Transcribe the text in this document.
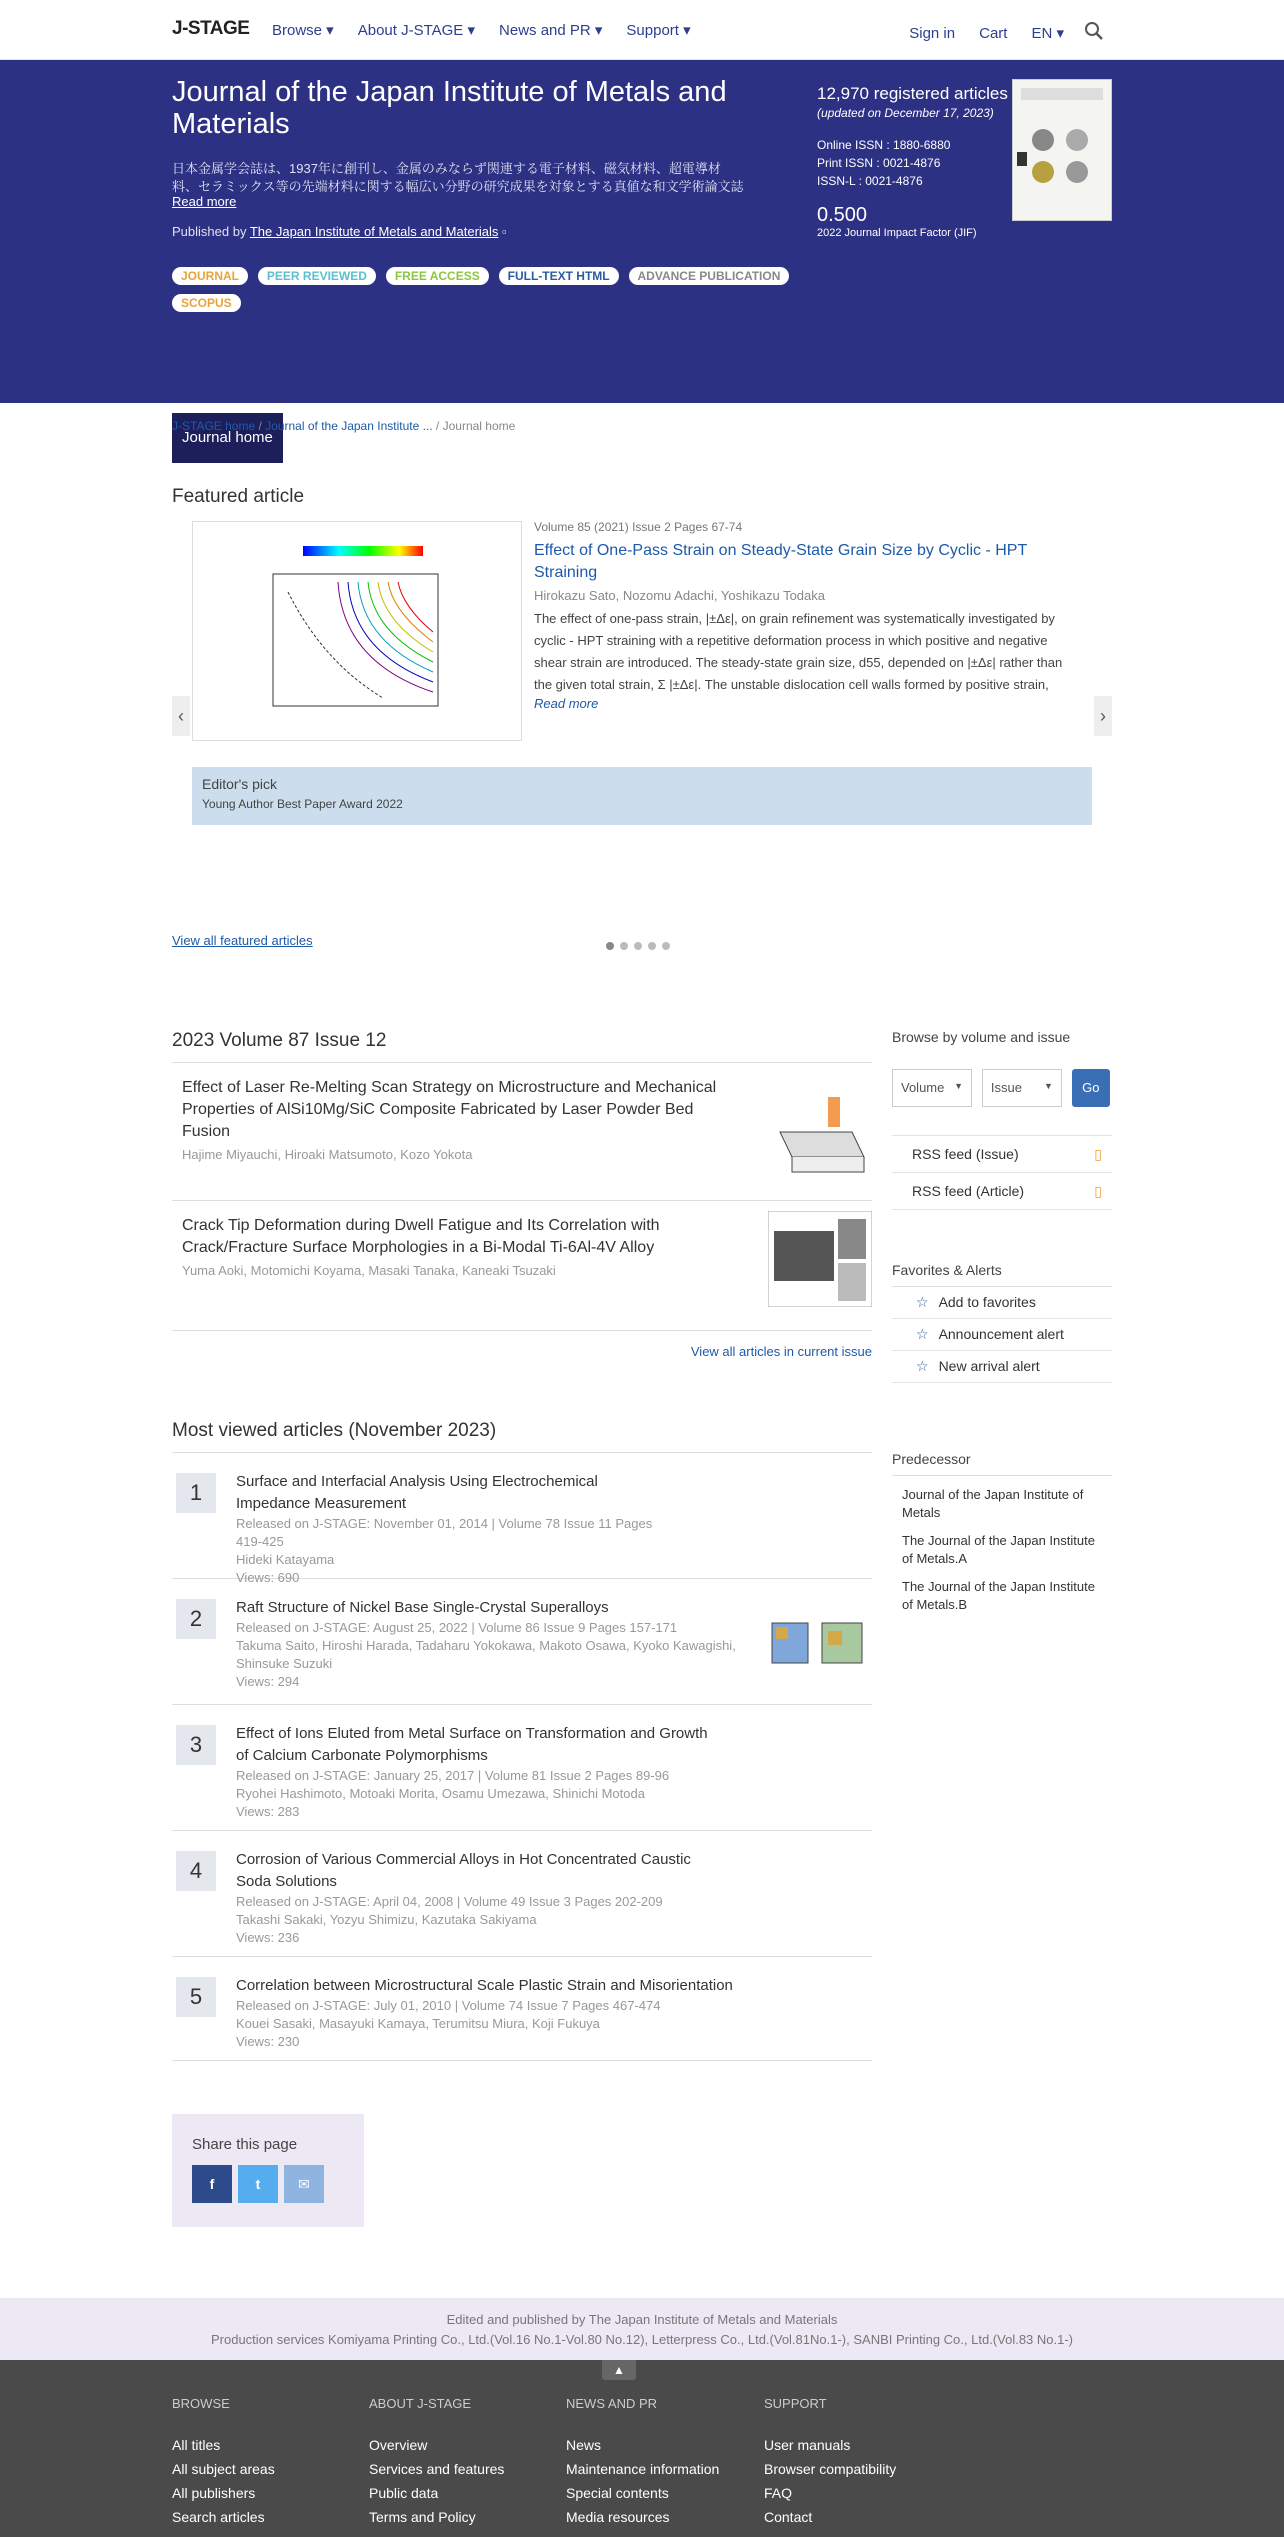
J-STAGE Browse ▾ About J-STAGE ▾ News and PR ▾ Support ▾	Sign in Cart EN ▾
Journal of the Japan Institute of Metals and Materials
日本金属学会誌は、1937年に創刊し、金属のみならず関連する電子材料、磁気材料、超電導材料、セラミックス等の先端材料に関する幅広い分野の研究成果を対象とする真値な和文学術論文誌
Read more
Published by The Japan Institute of Metals and Materials ▫
JOURNAL PEER REVIEWED FREE ACCESS FULL-TEXT HTML ADVANCE PUBLICATION SCOPUS
12,970 registered articles
(updated on December 17, 2023)
Online ISSN : 1880-6880
Print ISSN : 0021-4876
ISSN-L : 0021-4876
0.500
2022 Journal Impact Factor (JIF)
Journal home	Advance online publication	All issues	Featured articles	About the journal
J-STAGE home / Journal of the Japan Institute ... / Journal home
Featured article
‹	›
Volume 85 (2021) Issue 2 Pages 67-74
Effect of One-Pass Strain on Steady-State Grain Size by Cyclic - HPT Straining
Hirokazu Sato, Nozomu Adachi, Yoshikazu Todaka
The effect of one-pass strain, |±Δε|, on grain refinement was systematically investigated by cyclic - HPT straining with a repetitive deformation process in which positive and negative shear strain are introduced. The steady-state grain size, d55, depended on |±Δε| rather than the given total strain, Σ |±Δε|. The unstable dislocation cell walls formed by positive strain,
Read more
Editor's pick
Young Author Best Paper Award 2022
View all featured articles
2023 Volume 87 Issue 12
Effect of Laser Re-Melting Scan Strategy on Microstructure and Mechanical Properties of AlSi10Mg/SiC Composite Fabricated by Laser Powder Bed Fusion
Hajime Miyauchi, Hiroaki Matsumoto, Kozo Yokota
Crack Tip Deformation during Dwell Fatigue and Its Correlation with Crack/Fracture Surface Morphologies in a Bi-Modal Ti-6Al-4V Alloy
Yuma Aoki, Motomichi Koyama, Masaki Tanaka, Kaneaki Tsuzaki
View all articles in current issue
Browse by volume and issue
Volume ▼ Issue ▼ Go
RSS feed (Issue)	▯
RSS feed (Article)	▯
Favorites & Alerts
☆ Add to favorites
☆ Announcement alert
☆ New arrival alert
Predecessor
Journal of the Japan Institute of Metals
The Journal of the Japan Institute of Metals.A
The Journal of the Japan Institute of Metals.B
Most viewed articles (November 2023)
1	Surface and Interfacial Analysis Using Electrochemical Impedance Measurement
Released on J-STAGE: November 01, 2014 | Volume 78 Issue 11 Pages 419-425
Hideki Katayama
Views: 690
2	Raft Structure of Nickel Base Single-Crystal Superalloys
Released on J-STAGE: August 25, 2022 | Volume 86 Issue 9 Pages 157-171
Takuma Saito, Hiroshi Harada, Tadaharu Yokokawa, Makoto Osawa, Kyoko Kawagishi, Shinsuke Suzuki
Views: 294
3	Effect of Ions Eluted from Metal Surface on Transformation and Growth of Calcium Carbonate Polymorphisms
Released on J-STAGE: January 25, 2017 | Volume 81 Issue 2 Pages 89-96
Ryohei Hashimoto, Motoaki Morita, Osamu Umezawa, Shinichi Motoda
Views: 283
4	Corrosion of Various Commercial Alloys in Hot Concentrated Caustic Soda Solutions
Released on J-STAGE: April 04, 2008 | Volume 49 Issue 3 Pages 202-209
Takashi Sakaki, Yozyu Shimizu, Kazutaka Sakiyama
Views: 236
5	Correlation between Microstructural Scale Plastic Strain and Misorientation
Released on J-STAGE: July 01, 2010 | Volume 74 Issue 7 Pages 467-474
Kouei Sasaki, Masayuki Kamaya, Terumitsu Miura, Koji Fukuya
Views: 230
Share this page
f	t	✉
Edited and published by The Japan Institute of Metals and Materials
Production services Komiyama Printing Co., Ltd.(Vol.16 No.1-Vol.80 No.12), Letterpress Co., Ltd.(Vol.81No.1-), SANBI Printing Co., Ltd.(Vol.83 No.1-)
▲
BROWSE
All titles
All subject areas
All publishers
Search articles
ABOUT J-STAGE
Overview
Services and features
Public data
Terms and Policy
NEWS AND PR
News
Maintenance information
Special contents
Media resources
SUPPORT
User manuals
Browser compatibility
FAQ
Contact
